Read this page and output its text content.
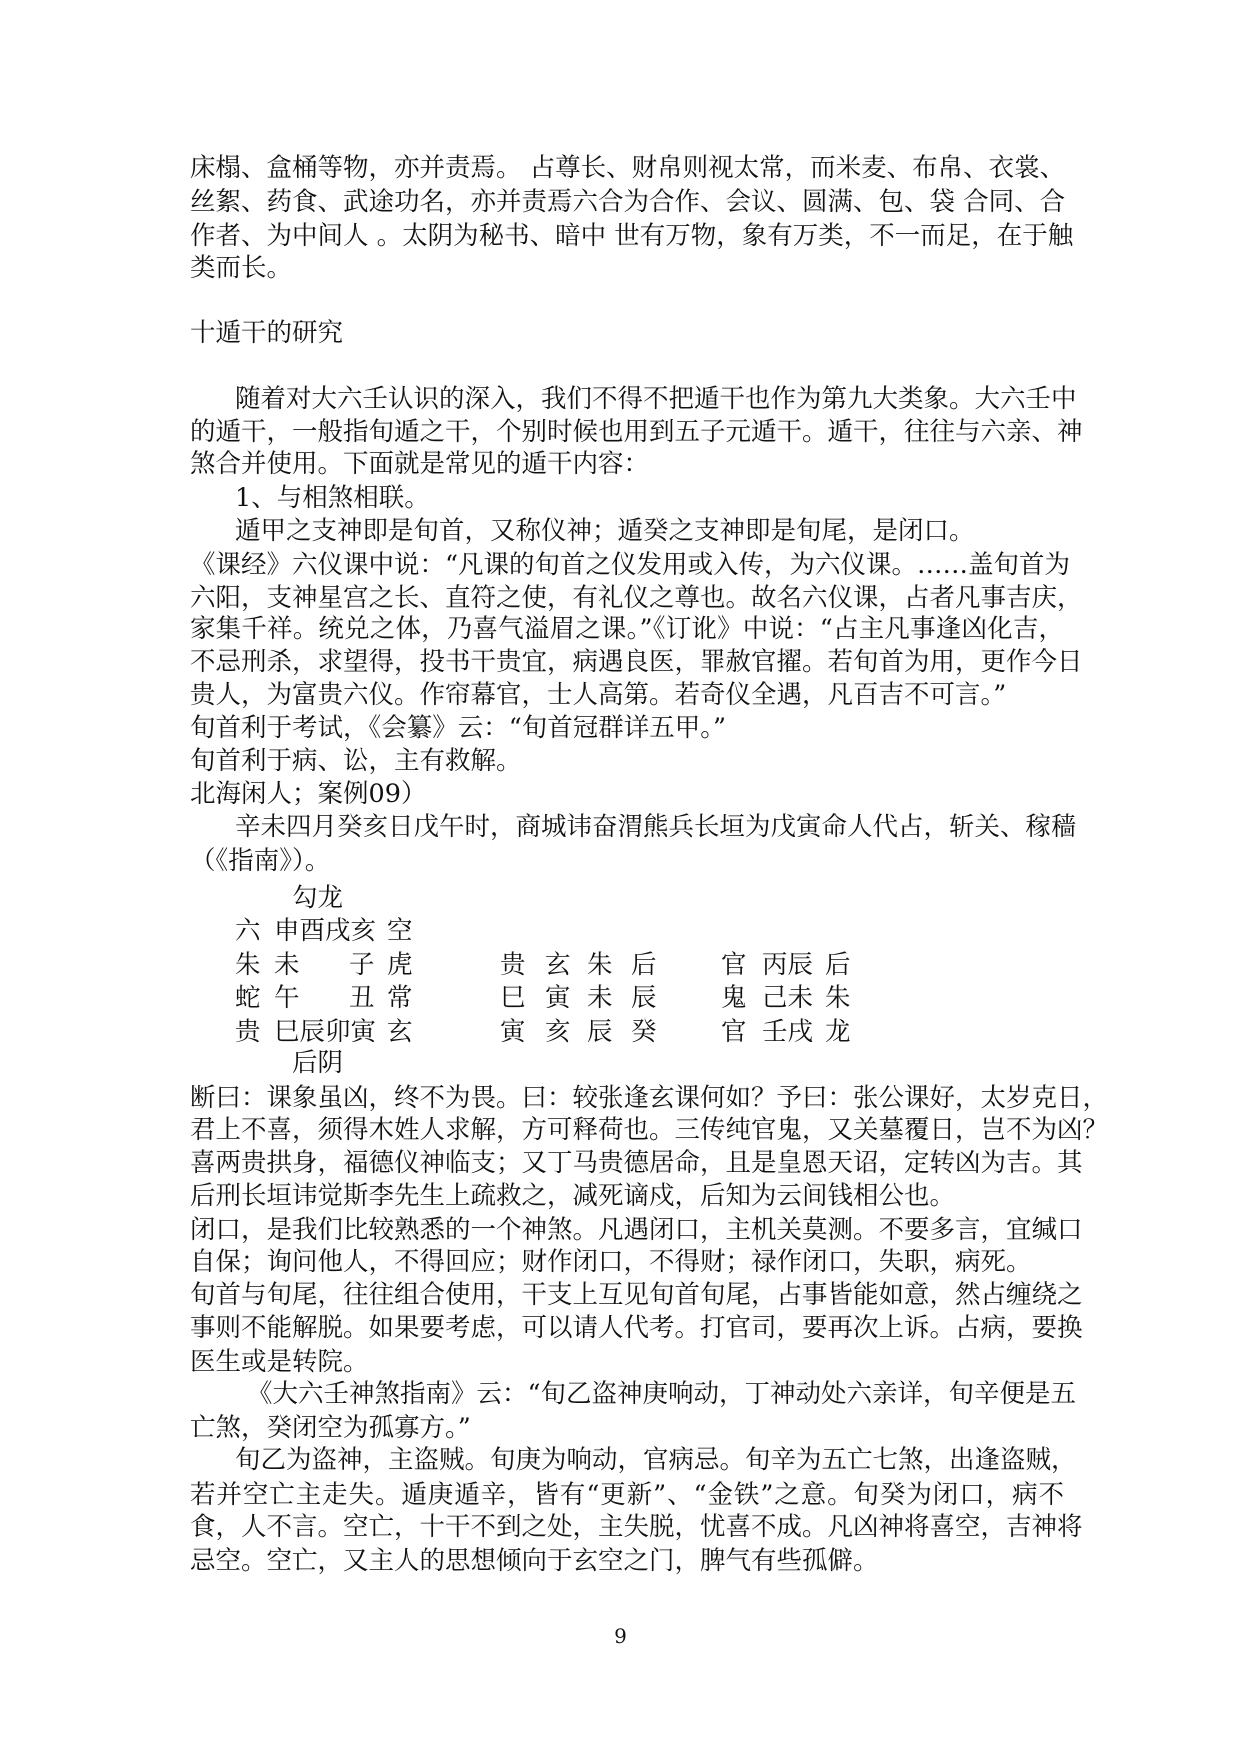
床榻、盒桶等物，亦并责焉。 占尊长、财帛则视太常，而米麦、布帛、衣裳、
丝絮、药食、武途功名，亦并责焉六合为合作、会议、圆满、包、袋 合同、合
作者、为中间人 。太阴为秘书、暗中 世有万物，象有万类，不一而足，在于触
类而长。
十遁干的研究
随着对大六壬认识的深入，我们不得不把遁干也作为第九大类象。大六壬中
的遁干，一般指旬遁之干，个别时候也用到五子元遁干。遁干，往往与六亲、神
煞合并使用。下面就是常见的遁干内容：
1、与相煞相联。
遁甲之支神即是旬首，又称仪神；遁癸之支神即是旬尾，是闭口。
《课经》六仪课中说：“凡课的旬首之仪发用或入传，为六仪课。……盖旬首为
六阳，支神星宫之长、直符之使，有礼仪之尊也。故名六仪课，占者凡事吉庆，
家集千祥。统兑之体，乃喜气溢眉之课。”《订讹》中说：“占主凡事逢凶化吉，
不忌刑杀，求望得，投书干贵宜，病遇良医，罪赦官擢。若旬首为用，更作今日
贵人，为富贵六仪。作帘幕官，士人高第。若奇仪全遇，凡百吉不可言。”
旬首利于考试，《会纂》云：“旬首冠群详五甲。”
旬首利于病、讼，主有救解。
北海闲人；案例09）
辛未四月癸亥日戊午时，商城讳奋渭熊兵长垣为戊寅命人代占，斩关、稼穑
（《指南》）。
勾龙
六 申酉戌亥 空
朱 未 子 虎	贵 玄 朱 后	官 丙辰 后
蛇 午 丑 常	巳 寅 未 辰	鬼 己未 朱
贵 巳辰卯寅 玄	寅 亥 辰 癸	官 壬戌 龙
后阴
断曰：课象虽凶，终不为畏。曰：较张逢玄课何如？予曰：张公课好，太岁克日，
君上不喜，须得木姓人求解，方可释荷也。三传纯官鬼，又关墓覆日，岂不为凶？
喜两贵拱身，福德仪神临支；又丁马贵德居命，且是皇恩天诏，定转凶为吉。其
后刑长垣讳觉斯李先生上疏救之，减死谪戍，后知为云间钱相公也。
闭口，是我们比较熟悉的一个神煞。凡遇闭口，主机关莫测。不要多言，宜缄口
自保；询问他人，不得回应；财作闭口，不得财；禄作闭口，失职，病死。
旬首与旬尾，往往组合使用，干支上互见旬首旬尾，占事皆能如意，然占缠绕之
事则不能解脱。如果要考虑，可以请人代考。打官司，要再次上诉。占病，要换
医生或是转院。
《大六壬神煞指南》云：“旬乙盗神庚响动，丁神动处六亲详，旬辛便是五
亡煞，癸闭空为孤寡方。”
旬乙为盗神，主盗贼。旬庚为响动，官病忌。旬辛为五亡七煞，出逢盗贼，
若并空亡主走失。遁庚遁辛，皆有“更新”、“金铁”之意。旬癸为闭口，病不
食，人不言。空亡，十干不到之处，主失脱，忧喜不成。凡凶神将喜空，吉神将
忌空。空亡，又主人的思想倾向于玄空之门，脾气有些孤僻。
9
